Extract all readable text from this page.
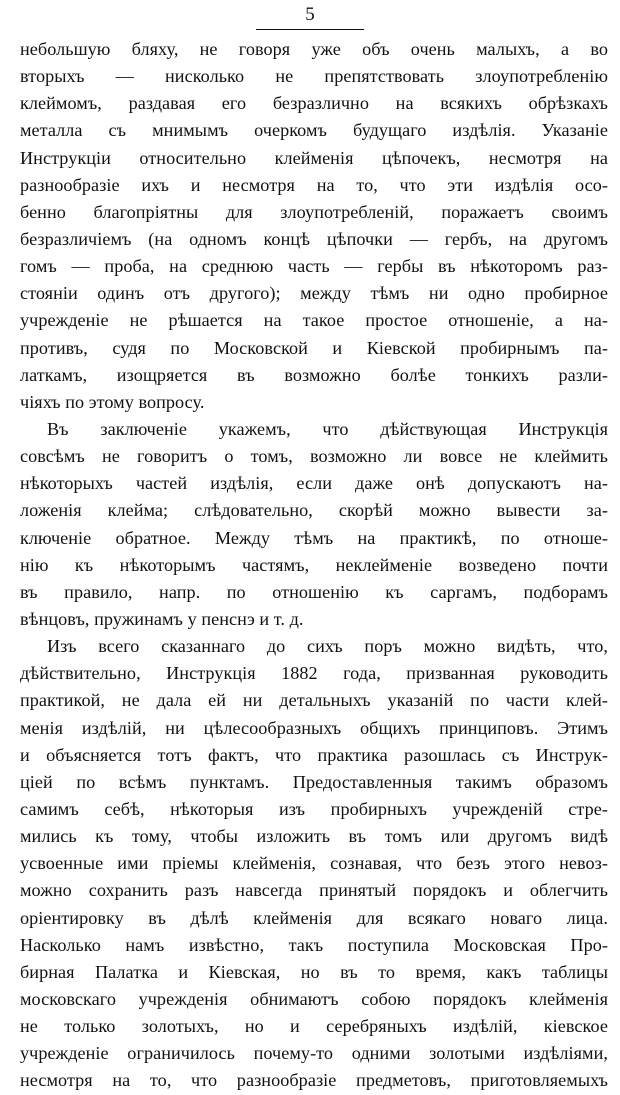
5
небольшую бляху, не говоря уже объ очень малыхъ, а во
вторыхъ — нисколько не препятствовать злоупотребленію
клеймомъ, раздавая его безразлично на всякихъ обрѣзкахъ
металла съ мнимымъ очеркомъ будущаго издѣлія. Указаніе
Инструкціи относительно клейменія цѣпочекъ, несмотря на
разнообразіе ихъ и несмотря на то, что эти издѣлія осо-
бенно благопріятны для злоупотребленій, поражаетъ своимъ
безразличіемъ (на одномъ концѣ цѣпочки — гербъ, на другомъ
гомъ — проба, на среднюю часть — гербы въ нѣкоторомъ раз-
стояніи одинъ отъ другого); между тѣмъ ни одно пробирное
учрежденіе не рѣшается на такое простое отношеніе, а на-
противъ, судя по Московской и Кіевской пробирнымъ па-
латкамъ, изощряется въ возможно болѣе тонкихъ разли-
чіяхъ по этому вопросу.
Въ заключеніе укажемъ, что дѣйствующая Инструкція
совсѣмъ не говоритъ о томъ, возможно ли вовсе не клеймить
нѣкоторыхъ частей издѣлія, если даже онѣ допускаютъ на-
ложенія клейма; слѣдовательно, скорѣй можно вывести за-
ключеніе обратное. Между тѣмъ на практикѣ, по отноше-
нію къ нѣкоторымъ частямъ, неклейменіе возведено почти
въ правило, напр. по отношенію къ саргамъ, подборамъ
вѣнцовъ, пружинамъ у пенснэ и т. д.
Изъ всего сказаннаго до сихъ поръ можно видѣть, что,
дѣйствительно, Инструкція 1882 года, призванная руководить
практикой, не дала ей ни детальныхъ указаній по части клей-
менія издѣлій, ни цѣлесообразныхъ общихъ принциповъ. Этимъ
и объясняется тотъ фактъ, что практика разошлась съ Инструк-
ціей по всѣмъ пунктамъ. Предоставленныя такимъ образомъ
самимъ себѣ, нѣкоторыя изъ пробирныхъ учрежденій стре-
мились къ тому, чтобы изложить въ томъ или другомъ видѣ
усвоенные ими пріемы клейменія, сознавая, что безъ этого невоз-
можно сохранить разъ навсегда принятый порядокъ и облегчить
оріентировку въ дѣлѣ клейменія для всякаго новаго лица.
Насколько намъ извѣстно, такъ поступила Московская Про-
бирная Палатка и Кіевская, но въ то время, какъ таблицы
московскаго учрежденія обнимаютъ собою порядокъ клейменія
не только золотыхъ, но и серебряныхъ издѣлій, кіевское
учрежденіе ограничилось почему-то одними золотыми издѣліями,
несмотря на то, что разнообразіе предметовъ, приготовляемыхъ
